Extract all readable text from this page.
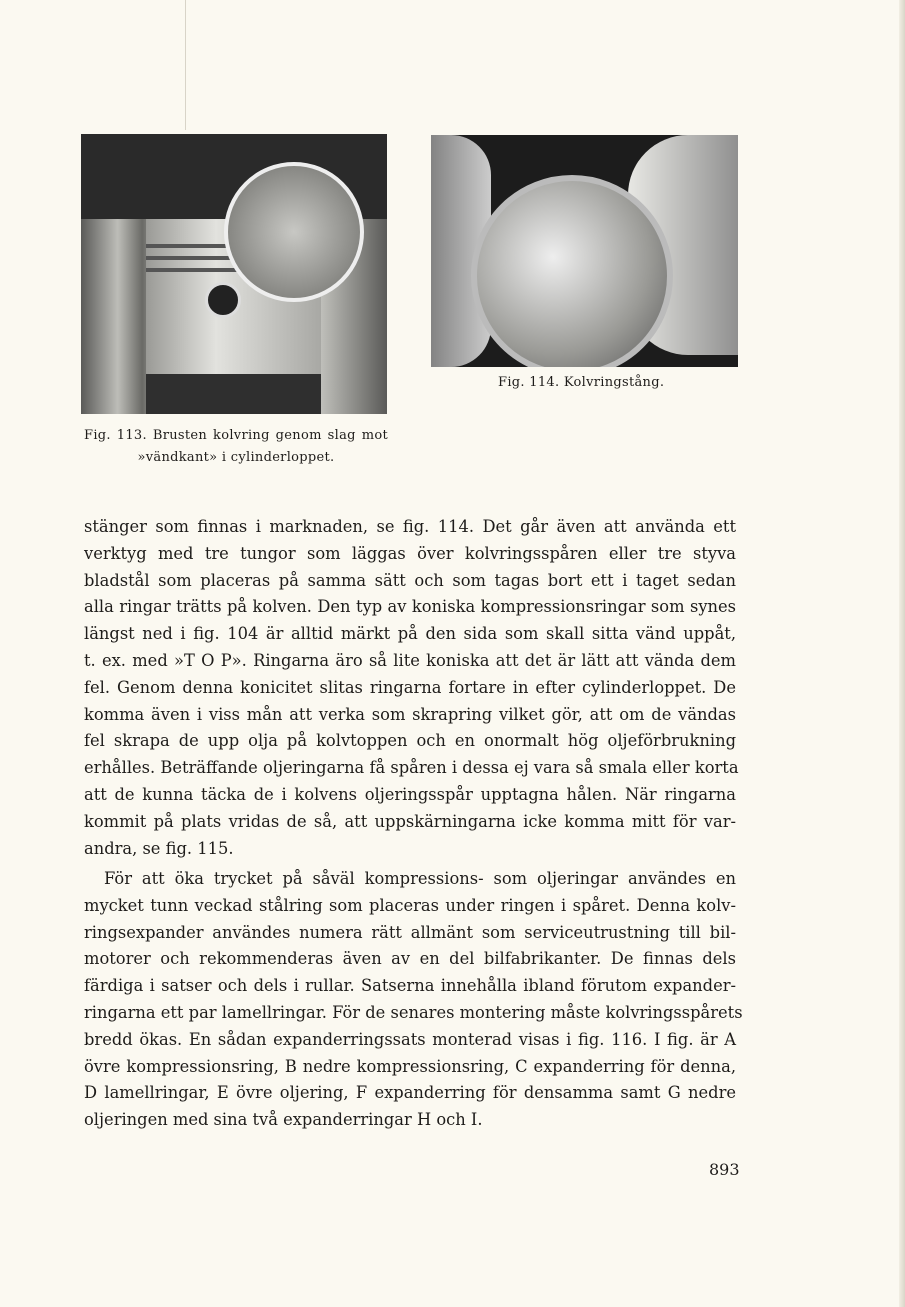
Fig. 113. Brusten kolvring genom slag mot
»vändkant» i cylinderloppet.
Fig. 114. Kolvringstång.
stänger som finnas i marknaden, se fig. 114. Det går även att använda ett
verktyg med tre tungor som läggas över kolvringsspåren eller tre styva
bladstål som placeras på samma sätt och som tagas bort ett i taget sedan
alla ringar trätts på kolven. Den typ av koniska kompressionsringar som synes
längst ned i fig. 104 är alltid märkt på den sida som skall sitta vänd uppåt,
t. ex. med »T O P». Ringarna äro så lite koniska att det är lätt att vända dem
fel. Genom denna konicitet slitas ringarna fortare in efter cylinderloppet. De
komma även i viss mån att verka som skrapring vilket gör, att om de vändas
fel skrapa de upp olja på kolvtoppen och en onormalt hög oljeförbrukning
erhålles. Beträffande oljeringarna få spåren i dessa ej vara så smala eller korta
att de kunna täcka de i kolvens oljeringsspår upptagna hålen. När ringarna
kommit på plats vridas de så, att uppskärningarna icke komma mitt för var-
andra, se fig. 115.
För att öka trycket på såväl kompressions- som oljeringar användes en
mycket tunn veckad stålring som placeras under ringen i spåret. Denna kolv-
ringsexpander användes numera rätt allmänt som serviceutrustning till bil-
motorer och rekommenderas även av en del bilfabrikanter. De finnas dels
färdiga i satser och dels i rullar. Satserna innehålla ibland förutom expander-
ringarna ett par lamellringar. För de senares montering måste kolvringsspårets
bredd ökas. En sådan expanderringssats monterad visas i fig. 116. I fig. är A
övre kompressionsring, B nedre kompressionsring, C expanderring för denna,
D lamellringar, E övre oljering, F expanderring för densamma samt G nedre
oljeringen med sina två expanderringar H och I.
893
